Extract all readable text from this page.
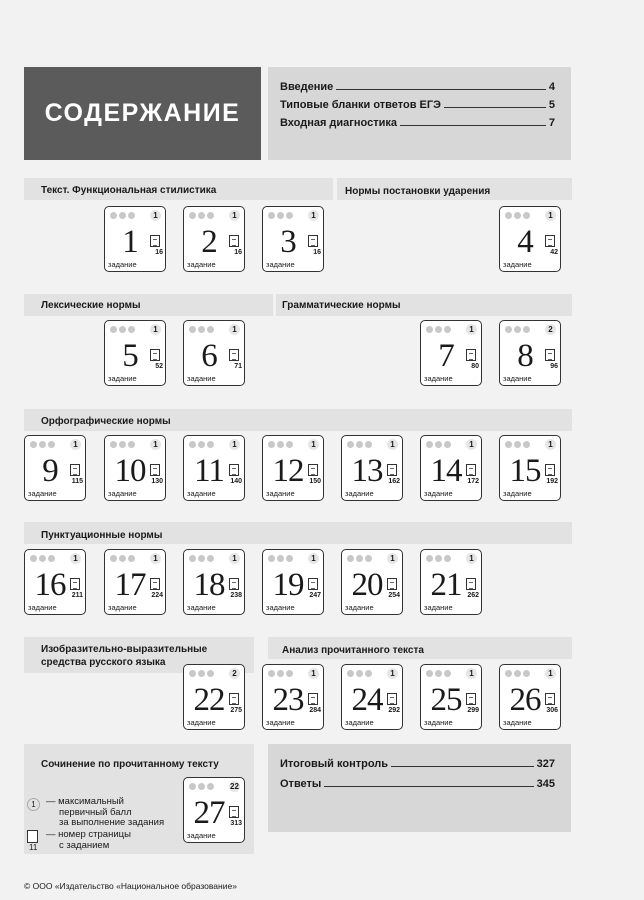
СОДЕРЖАНИЕ
Введение	4
Типовые бланки ответов ЕГЭ	5
Входная диагностика	7
Текст. Функциональная стилистика	Нормы постановки ударения
Лексические нормы	Грамматические нормы
Орфографические нормы
Пунктуационные нормы
Изобразительно-выразительные
средства русского языка
Анализ прочитанного текста
Сочинение по прочитанному тексту
1
1	16
задание
1
2	16
задание
1
3	16
задание
1
4	42
задание
1
5	52
задание
1
6	71
задание
1
7	80
задание
2
8	96
задание
1
9	115
задание
1
10 130
задание
1
11 140
задание
1
12 150
задание
1
13 162
задание
1
14 172
задание
1
15 192
задание
1
16 211
задание
1
17 224
задание
1
18 238
задание
1
19 247
задание
1
20 254
задание
1
21 262
задание
2
22 275
задание
1
23 284
задание
1
24 292
задание
1
25 299
задание
1
26 306
задание
22
27 313
задание
1	— максимальный
первичный балл
за выполнение задания
11
— номер страницы
с заданием
Итоговый контроль	327
Ответы	345
© ООО «Издательство «Национальное образование»
